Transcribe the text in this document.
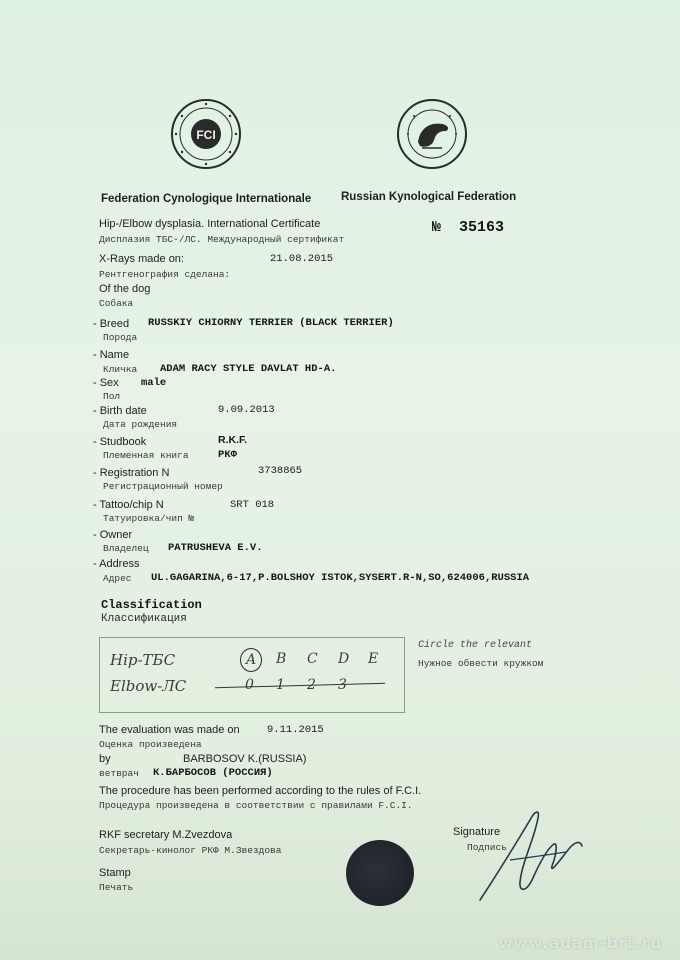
FCI
Federation Cynologique Internationale	Russian Kynological Federation
Hip-/Elbow dysplasia. International Certificate
Дисплазия ТБС-/ЛС. Международный сертификат
№ 35163
X-Rays made on:
Рентгенография сделана:
21.08.2015
Of the dog
Собака
- Breed
Порода
RUSSKIY CHIORNY TERRIER (BLACK TERRIER)
- Name
Кличка ADAM RACY STYLE DAVLAT HD-A.
- Sex
Пол
male
- Birth date
Дата рождения
9.09.2013
- Studbook
Племенная книга
R.K.F.
РКФ
- Registration N
Регистрационный номер
3738865
- Tattoo/chip N
Татуировка/чип №
SRT 018
- Owner
Владелец PATRUSHEVA E.V.
- Address
Адрес UL.GAGARINA,6-17,P.BOLSHOY ISTOK,SYSERT.R-N,SO,624006,RUSSIA
Classification
Классификация
Hip-ТБС
Elbow-ЛС
A	B C D E
0 1 2 3
Circle the relevant
Нужное обвести кружком
The evaluation was made on
Оценка произведена
9.11.2015
by
ветврач
BARBOSOV K.(RUSSIA)
К.БАРБОСОВ (РОССИЯ)
The procedure has been performed according to the rules of F.C.I.
Процедура произведена в соответствии с правилами F.C.I.
RKF secretary M.Zvezdova
Секретарь-кинолог РКФ М.Звездова
Signature
Подпись
Stamp
Печать
www.adam-brt.ru
